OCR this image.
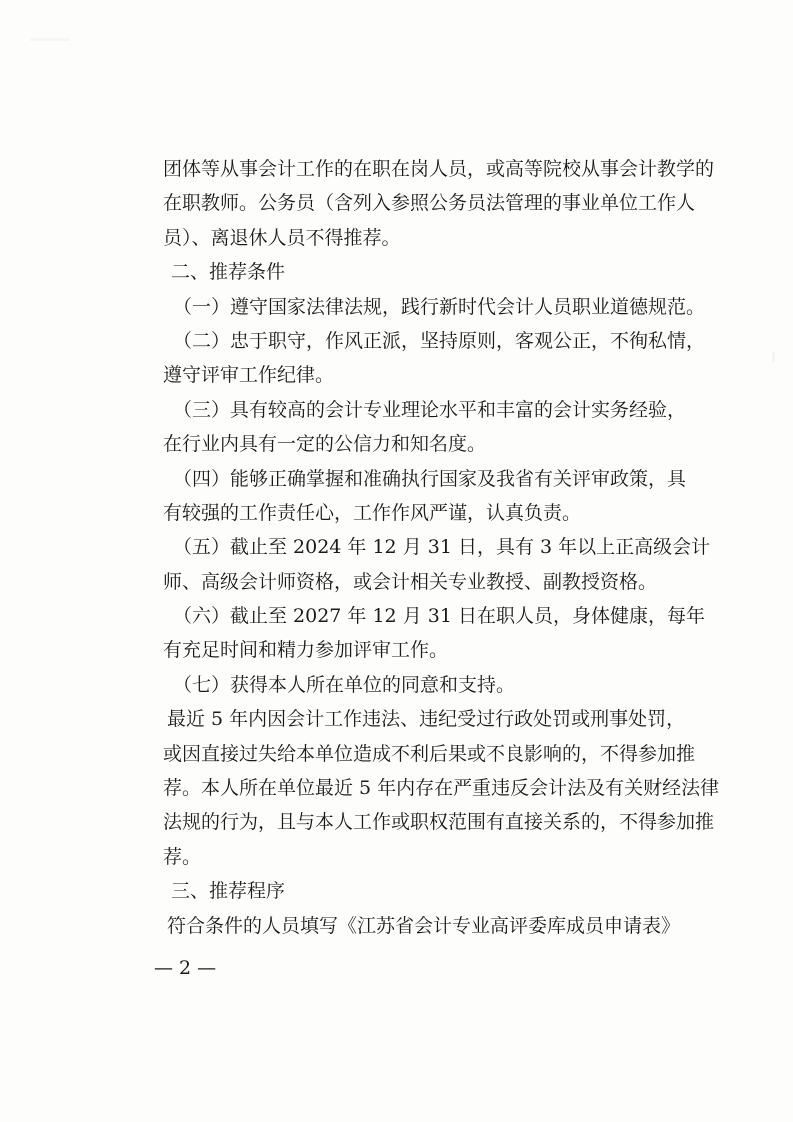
团体等从事会计工作的在职在岗人员，或高等院校从事会计教学的
在职教师。公务员（含列入参照公务员法管理的事业单位工作人
员）、离退休人员不得推荐。
二、推荐条件
（一）遵守国家法律法规，践行新时代会计人员职业道德规范。
（二）忠于职守，作风正派，坚持原则，客观公正，不徇私情，
遵守评审工作纪律。
（三）具有较高的会计专业理论水平和丰富的会计实务经验，
在行业内具有一定的公信力和知名度。
（四）能够正确掌握和准确执行国家及我省有关评审政策，具
有较强的工作责任心，工作作风严谨，认真负责。
（五）截止至 2024 年 12 月 31 日，具有 3 年以上正高级会计
师、高级会计师资格，或会计相关专业教授、副教授资格。
（六）截止至 2027 年 12 月 31 日在职人员，身体健康，每年
有充足时间和精力参加评审工作。
（七）获得本人所在单位的同意和支持。
最近 5 年内因会计工作违法、违纪受过行政处罚或刑事处罚，
或因直接过失给本单位造成不利后果或不良影响的，不得参加推
荐。本人所在单位最近 5 年内存在严重违反会计法及有关财经法律
法规的行为，且与本人工作或职权范围有直接关系的，不得参加推
荐。
三、推荐程序
符合条件的人员填写《江苏省会计专业高评委库成员申请表》
— 2 —
